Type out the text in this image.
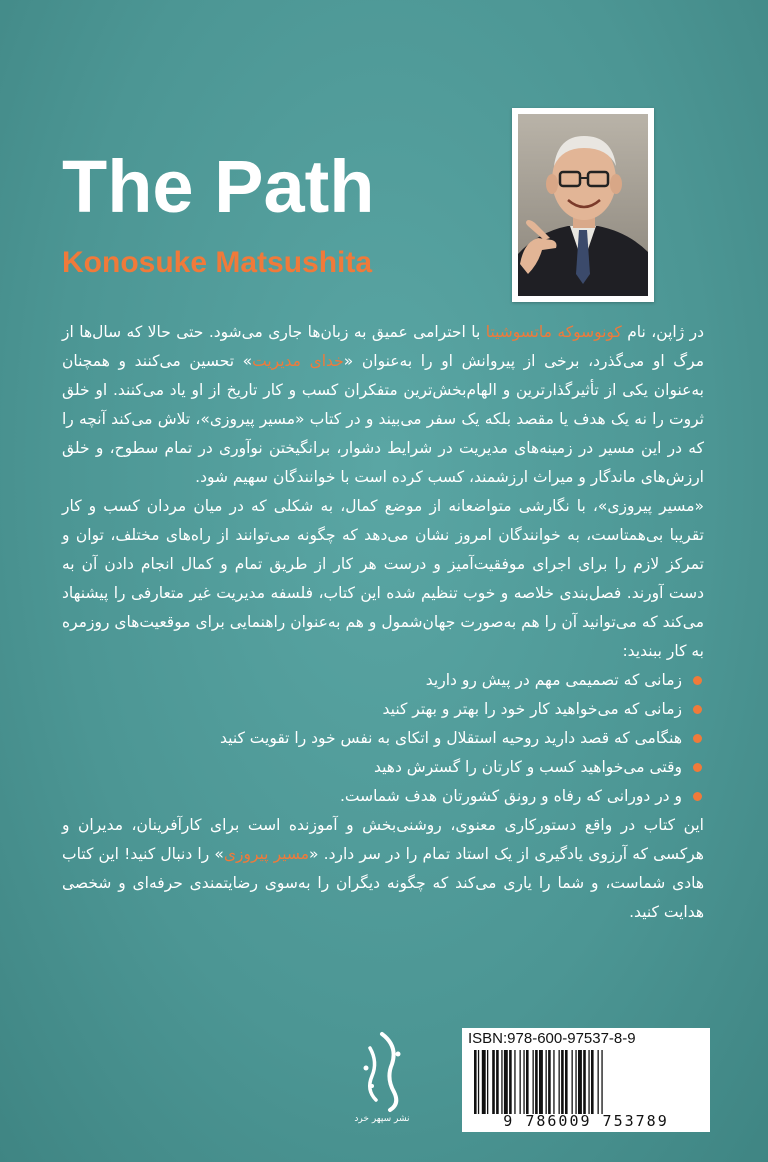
The Path
Konosuke Matsushita

در ژاپن، نام کونوسوکه ماتسوشیتا با احترامی عمیق به زبان‌ها جاری می‌شود. حتی حالا که سال‌ها از مرگ او می‌گذرد، برخی از پیروانش او را به‌عنوان «خدای مدیریت» تحسین می‌کنند و همچنان به‌عنوان یکی از تأثیرگذارترین و الهام‌بخش‌ترین متفکران کسب و کار تاریخ از او یاد می‌کنند. او خلق ثروت را نه یک هدف یا مقصد بلکه یک سفر می‌بیند و در کتاب «مسیر پیروزی»، تلاش می‌کند آنچه را که در این مسیر در زمینه‌های مدیریت در شرایط دشوار، برانگیختن نوآوری در تمام سطوح، و خلق ارزش‌های ماندگار و میراث ارزشمند، کسب کرده است با خوانندگان سهیم شود.

«مسیر پیروزی»، با نگارشی متواضعانه از موضع کمال، به شکلی که در میان مردان کسب و کار تقریبا بی‌همتاست، به خوانندگان امروز نشان می‌دهد که چگونه می‌توانند از راه‌های مختلف، توان و تمرکز لازم را برای اجرای موفقیت‌آمیز و درست هر کار از طریق تمام و کمال انجام دادن آن به دست آورند. فصل‌بندی خلاصه و خوب تنظیم شده این کتاب، فلسفه مدیریت غیر متعارفی را پیشنهاد می‌کند که می‌توانید آن را هم به‌صورت جهان‌شمول و هم به‌عنوان راهنمایی برای موقعیت‌های روزمره به کار ببندید:

زمانی که تصمیمی مهم در پیش رو دارید
زمانی که می‌خواهید کار خود را بهتر و بهتر کنید
هنگامی که قصد دارید روحیه استقلال و اتکای به نفس خود را تقویت کنید
وقتی می‌خواهید کسب و کارتان را گسترش دهید
و در دورانی که رفاه و رونق کشورتان هدف شماست.

این کتاب در واقع دستورکاری معنوی، روشنی‌بخش و آموزنده است برای کارآفرینان، مدیران و هرکسی که آرزوی یادگیری از یک استاد تمام را در سر دارد. «مسیر پیروزی» را دنبال کنید! این کتاب هادی شماست، و شما را یاری می‌کند که چگونه دیگران را به‌سوی رضایتمندی حرفه‌ای و شخصی هدایت کنید.

نشر سپهر خرد
ISBN:978-600-97537-8-9
9 786009 753789
